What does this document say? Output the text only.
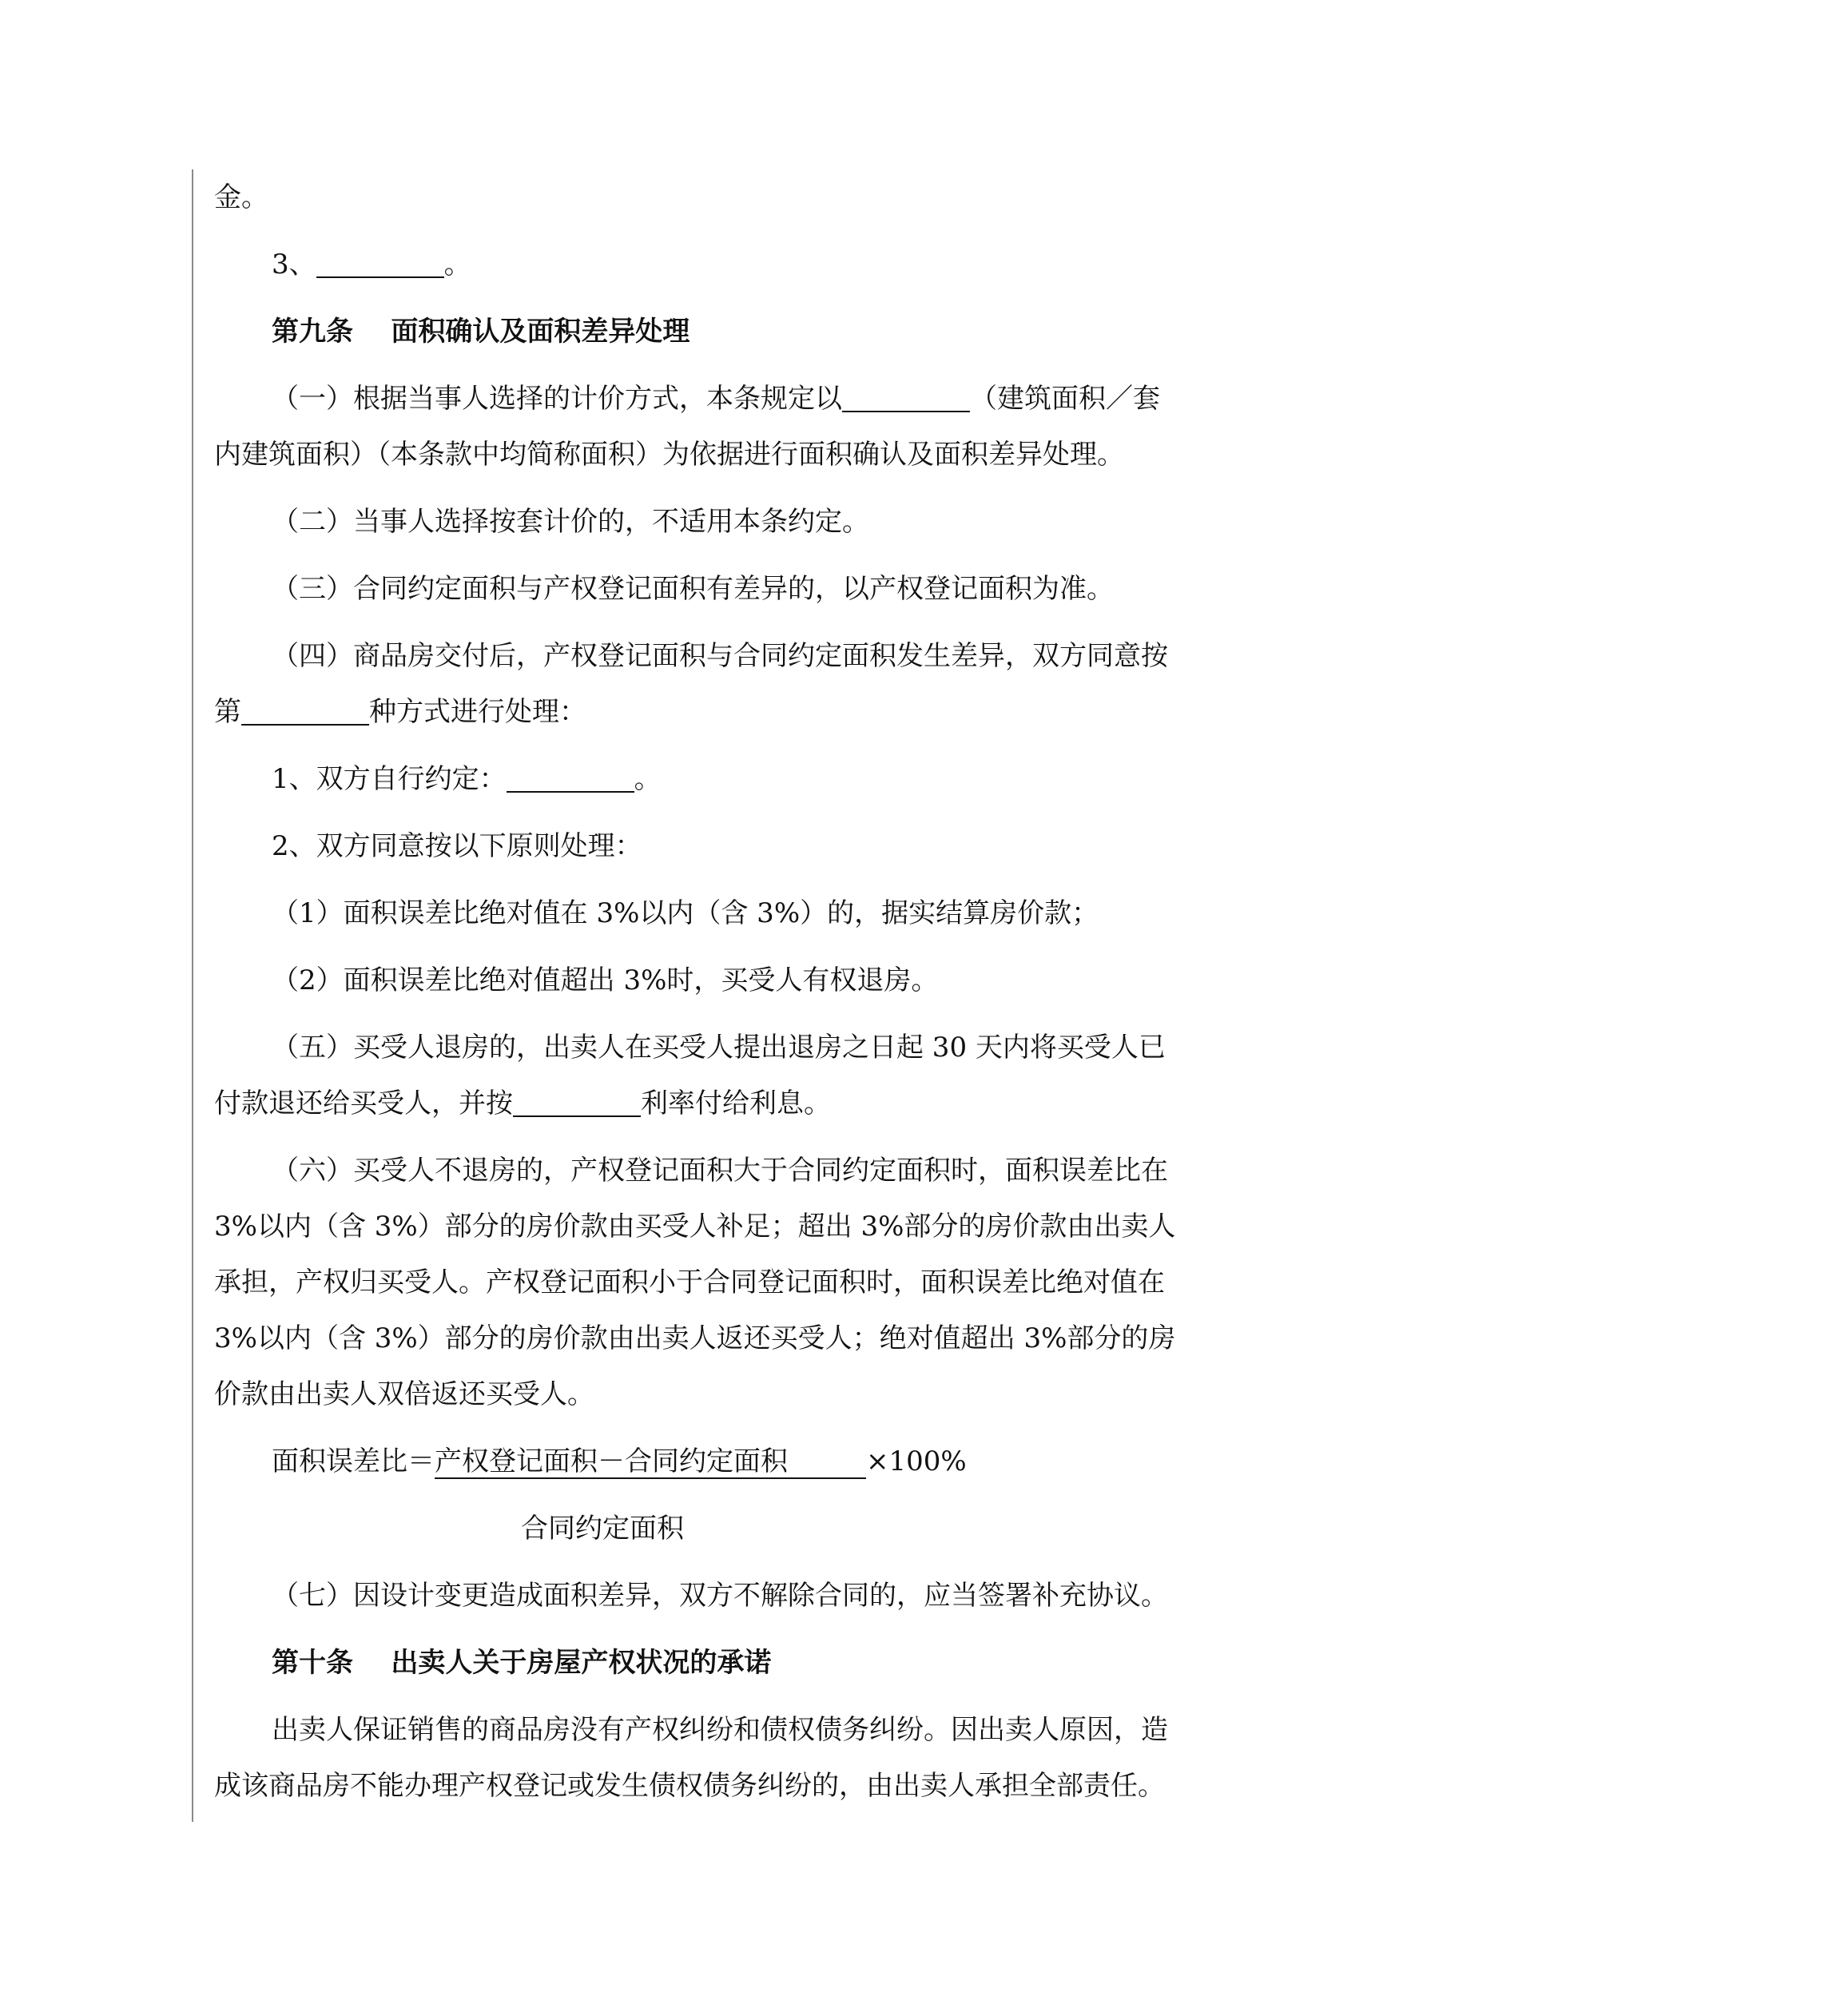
金。

3、	。

第九条 面积确认及面积差异处理

（一）根据当事人选择的计价方式，本条规定以	（建筑面积／套

内建筑面积）（本条款中均简称面积）为依据进行面积确认及面积差异处理。

（二）当事人选择按套计价的，不适用本条约定。

（三）合同约定面积与产权登记面积有差异的，以产权登记面积为准。

（四）商品房交付后，产权登记面积与合同约定面积发生差异，双方同意按

第	种方式进行处理：

1、双方自行约定：	。

2、双方同意按以下原则处理：

（1）面积误差比绝对值在 3%以内（含 3%）的，据实结算房价款；

（2）面积误差比绝对值超出 3%时，买受人有权退房。

（五）买受人退房的，出卖人在买受人提出退房之日起 30 天内将买受人已

付款退还给买受人，并按	利率付给利息。

（六）买受人不退房的，产权登记面积大于合同约定面积时，面积误差比在

3%以内（含 3%）部分的房价款由买受人补足；超出 3%部分的房价款由出卖人

承担，产权归买受人。产权登记面积小于合同登记面积时，面积误差比绝对值在

3%以内（含 3%）部分的房价款由出卖人返还买受人；绝对值超出 3%部分的房

价款由出卖人双倍返还买受人。

面积误差比＝产权登记面积－合同约定面积	×100%

合同约定面积

（七）因设计变更造成面积差异，双方不解除合同的，应当签署补充协议。

第十条 出卖人关于房屋产权状况的承诺

出卖人保证销售的商品房没有产权纠纷和债权债务纠纷。因出卖人原因，造

成该商品房不能办理产权登记或发生债权债务纠纷的，由出卖人承担全部责任。
